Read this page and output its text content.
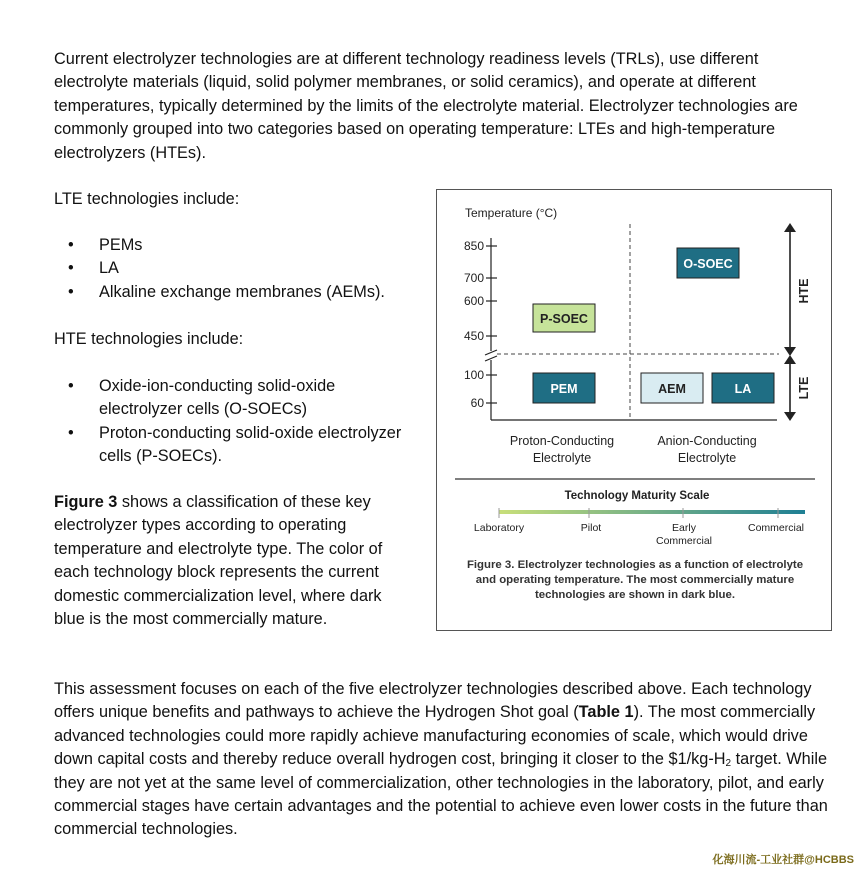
Current electrolyzer technologies are at different technology readiness levels (TRLs), use different electrolyte materials (liquid, solid polymer membranes, or solid ceramics), and operate at different temperatures, typically determined by the limits of the electrolyte material. Electrolyzer technologies are commonly grouped into two categories based on operating temperature: LTEs and high-temperature electrolyzers (HTEs).

LTE technologies include:

• PEMs
• LA
• Alkaline exchange membranes (AEMs).

HTE technologies include:

• Oxide-ion-conducting solid-oxide electrolyzer cells (O-SOECs)
• Proton-conducting solid-oxide electrolyzer cells (P-SOECs).

Figure 3 shows a classification of these key electrolyzer types according to operating temperature and electrolyte type. The color of each technology block represents the current domestic commercialization level, where dark blue is the most commercially mature.

Temperature (°C)
850
700
600
450
100
60
O-SOEC
P-SOEC
PEM	AEM	LA
HTE
LTE
Proton-Conducting
Electrolyte
Anion-Conducting
Electrolyte
Technology Maturity Scale
Laboratory	Pilot	Early
Commercial
Commercial

Figure 3. Electrolyzer technologies as a function of electrolyte and operating temperature. The most commercially mature technologies are shown in dark blue.

This assessment focuses on each of the five electrolyzer technologies described above. Each technology offers unique benefits and pathways to achieve the Hydrogen Shot goal (Table 1). The most commercially advanced technologies could more rapidly achieve manufacturing economies of scale, which would drive down capital costs and thereby reduce overall hydrogen cost, bringing it closer to the $\$1/kg-H_2$ target. While they are not yet at the same level of commercialization, other technologies in the laboratory, pilot, and early commercial stages have certain advantages and the potential to achieve even lower costs in the future than commercial technologies.

化海川流-工业社群@HCBBS
